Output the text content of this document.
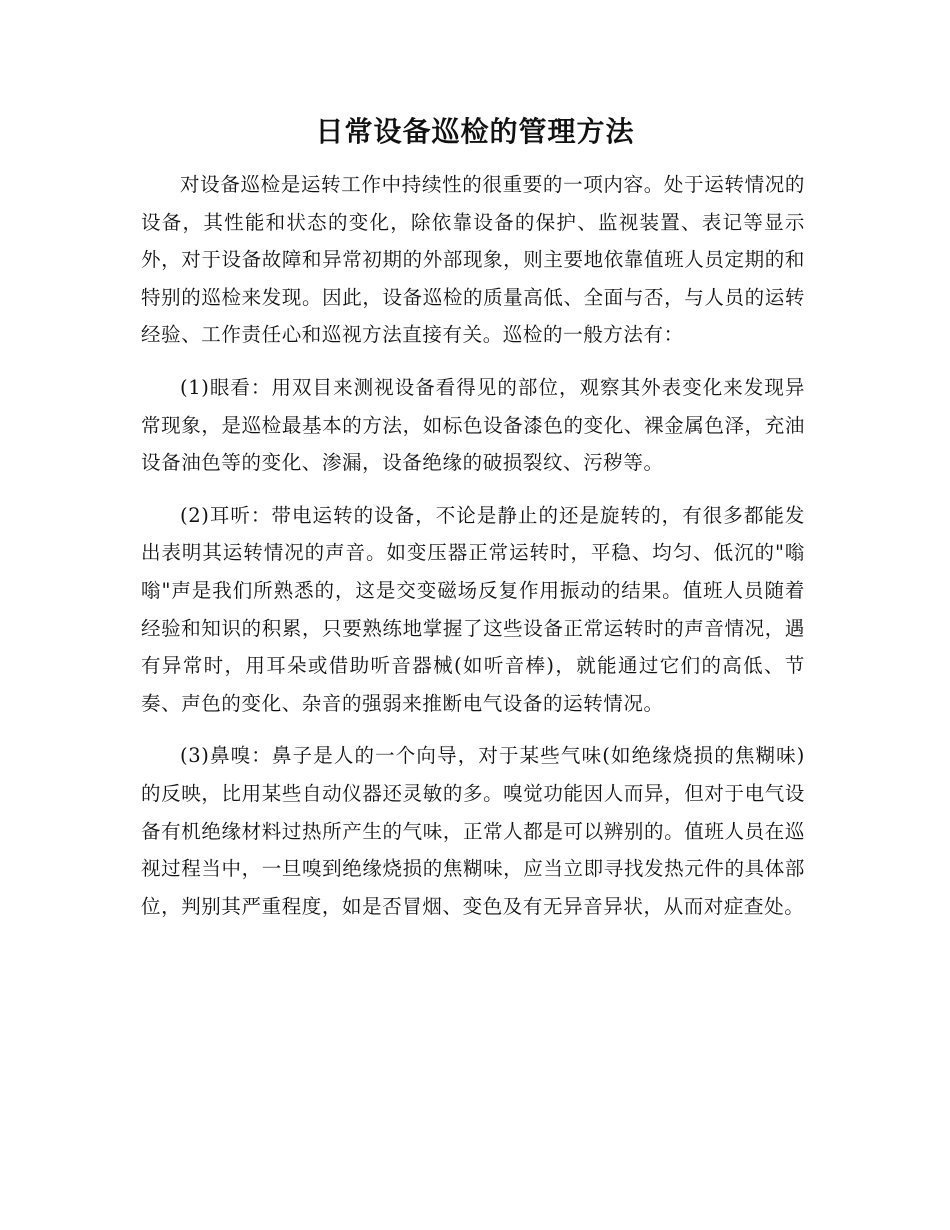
日常设备巡检的管理方法

对设备巡检是运转工作中持续性的很重要的一项内容。处于运转情况的设备，其性能和状态的变化，除依靠设备的保护、监视装置、表记等显示外，对于设备故障和异常初期的外部现象，则主要地依靠值班人员定期的和特别的巡检来发现。因此，设备巡检的质量高低、全面与否，与人员的运转经验、工作责任心和巡视方法直接有关。巡检的一般方法有：

(1)眼看：用双目来测视设备看得见的部位，观察其外表变化来发现异常现象，是巡检最基本的方法，如标色设备漆色的变化、裸金属色泽，充油设备油色等的变化、渗漏，设备绝缘的破损裂纹、污秽等。

(2)耳听：带电运转的设备，不论是静止的还是旋转的，有很多都能发出表明其运转情况的声音。如变压器正常运转时，平稳、均匀、低沉的"嗡嗡"声是我们所熟悉的，这是交变磁场反复作用振动的结果。值班人员随着经验和知识的积累，只要熟练地掌握了这些设备正常运转时的声音情况，遇有异常时，用耳朵或借助听音器械(如听音棒)，就能通过它们的高低、节奏、声色的变化、杂音的强弱来推断电气设备的运转情况。

(3)鼻嗅：鼻子是人的一个向导，对于某些气味(如绝缘烧损的焦糊味)的反映，比用某些自动仪器还灵敏的多。嗅觉功能因人而异，但对于电气设备有机绝缘材料过热所产生的气味，正常人都是可以辨别的。值班人员在巡视过程当中，一旦嗅到绝缘烧损的焦糊味，应当立即寻找发热元件的具体部位，判别其严重程度，如是否冒烟、变色及有无异音异状，从而对症查处。
